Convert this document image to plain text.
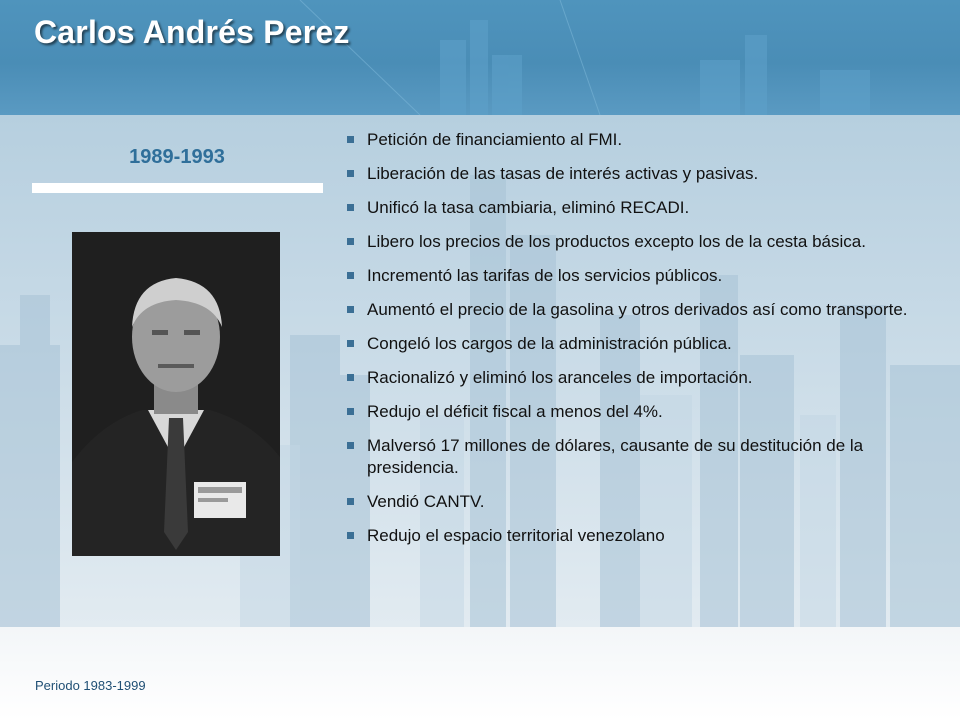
Carlos Andrés Perez
1989-1993
Petición de financiamiento al FMI.
Liberación de las tasas de interés activas y pasivas.
Unificó la tasa cambiaria, eliminó RECADI.
Libero los precios de los productos excepto los de la cesta básica.
Incrementó las tarifas de los servicios públicos.
Aumentó el precio de la gasolina y otros derivados así como transporte.
Congeló los cargos de la administración pública.
Racionalizó y eliminó los aranceles de importación.
Redujo el déficit fiscal a menos del 4%.
Malversó 17 millones de dólares, causante de su destitución de la presidencia.
Vendió CANTV.
Redujo el espacio territorial venezolano
Periodo 1983-1999
